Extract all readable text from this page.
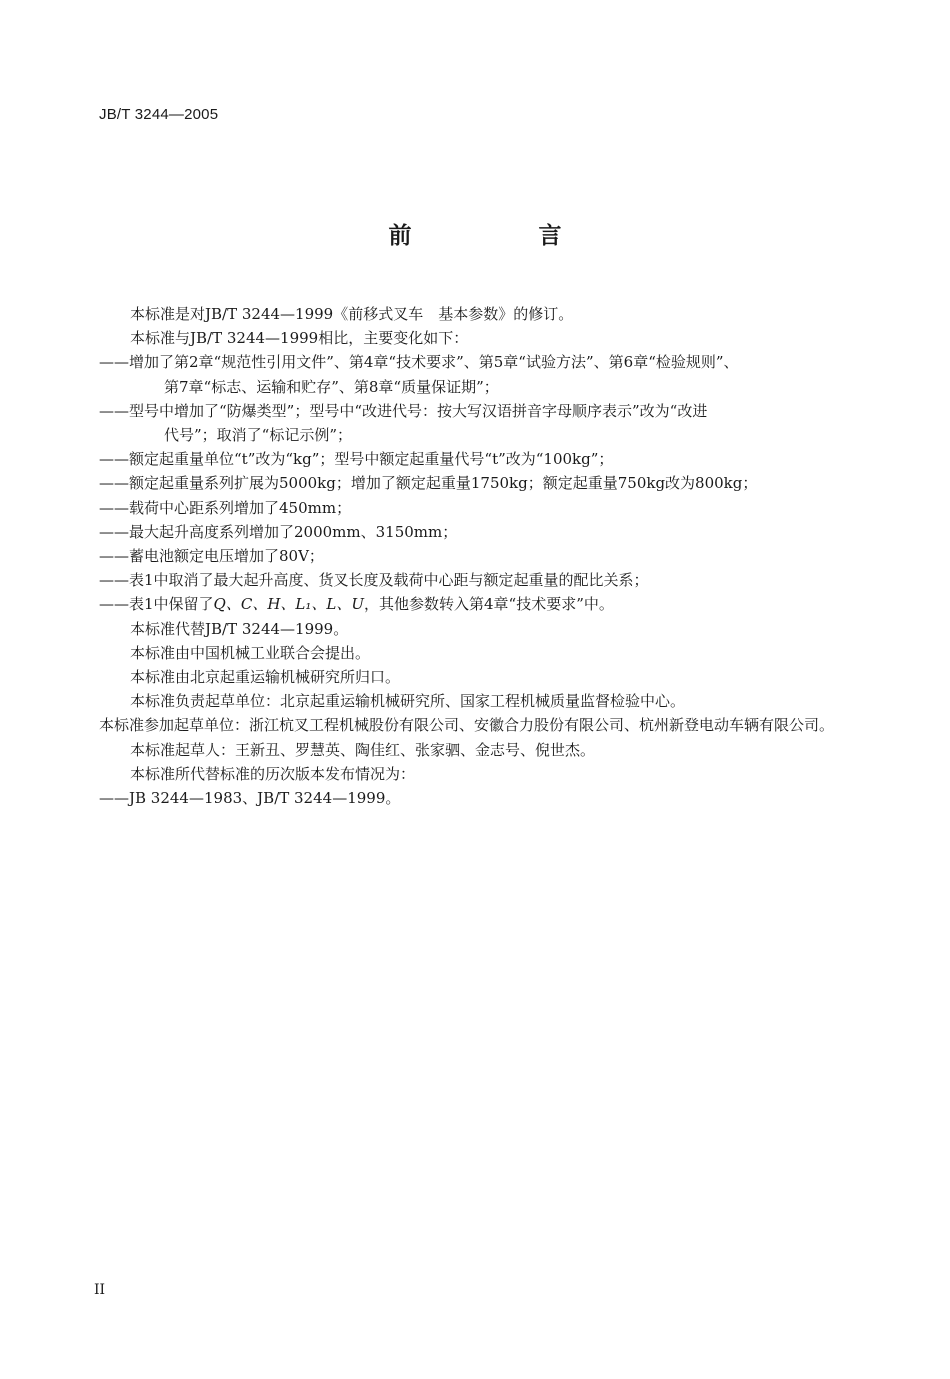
JB/T 3244—2005
前　言
本标准是对JB/T 3244—1999《前移式叉车　基本参数》的修订。
本标准与JB/T 3244—1999相比，主要变化如下：
——增加了第2章“规范性引用文件”、第4章“技术要求”、第5章“试验方法”、第6章“检验规则”、
第7章“标志、运输和贮存”、第8章“质量保证期”；
——型号中增加了“防爆类型”；型号中“改进代号：按大写汉语拼音字母顺序表示”改为“改进
代号”；取消了“标记示例”；
——额定起重量单位“t”改为“kg”；型号中额定起重量代号“t”改为“100kg”；
——额定起重量系列扩展为5000kg；增加了额定起重量1750kg；额定起重量750kg改为800kg；
——载荷中心距系列增加了450mm；
——最大起升高度系列增加了2000mm、3150mm；
——蓄电池额定电压增加了80V；
——表1中取消了最大起升高度、货叉长度及载荷中心距与额定起重量的配比关系；
——表1中保留了Q、C、H、L₁、L、U，其他参数转入第4章“技术要求”中。
本标准代替JB/T 3244—1999。
本标准由中国机械工业联合会提出。
本标准由北京起重运输机械研究所归口。
本标准负责起草单位：北京起重运输机械研究所、国家工程机械质量监督检验中心。
本标准参加起草单位：浙江杭叉工程机械股份有限公司、安徽合力股份有限公司、杭州新登电动车辆有限公司。
本标准起草人：王新丑、罗慧英、陶佳红、张家驷、金志号、倪世杰。
本标准所代替标准的历次版本发布情况为：
——JB 3244—1983、JB/T 3244—1999。
II
